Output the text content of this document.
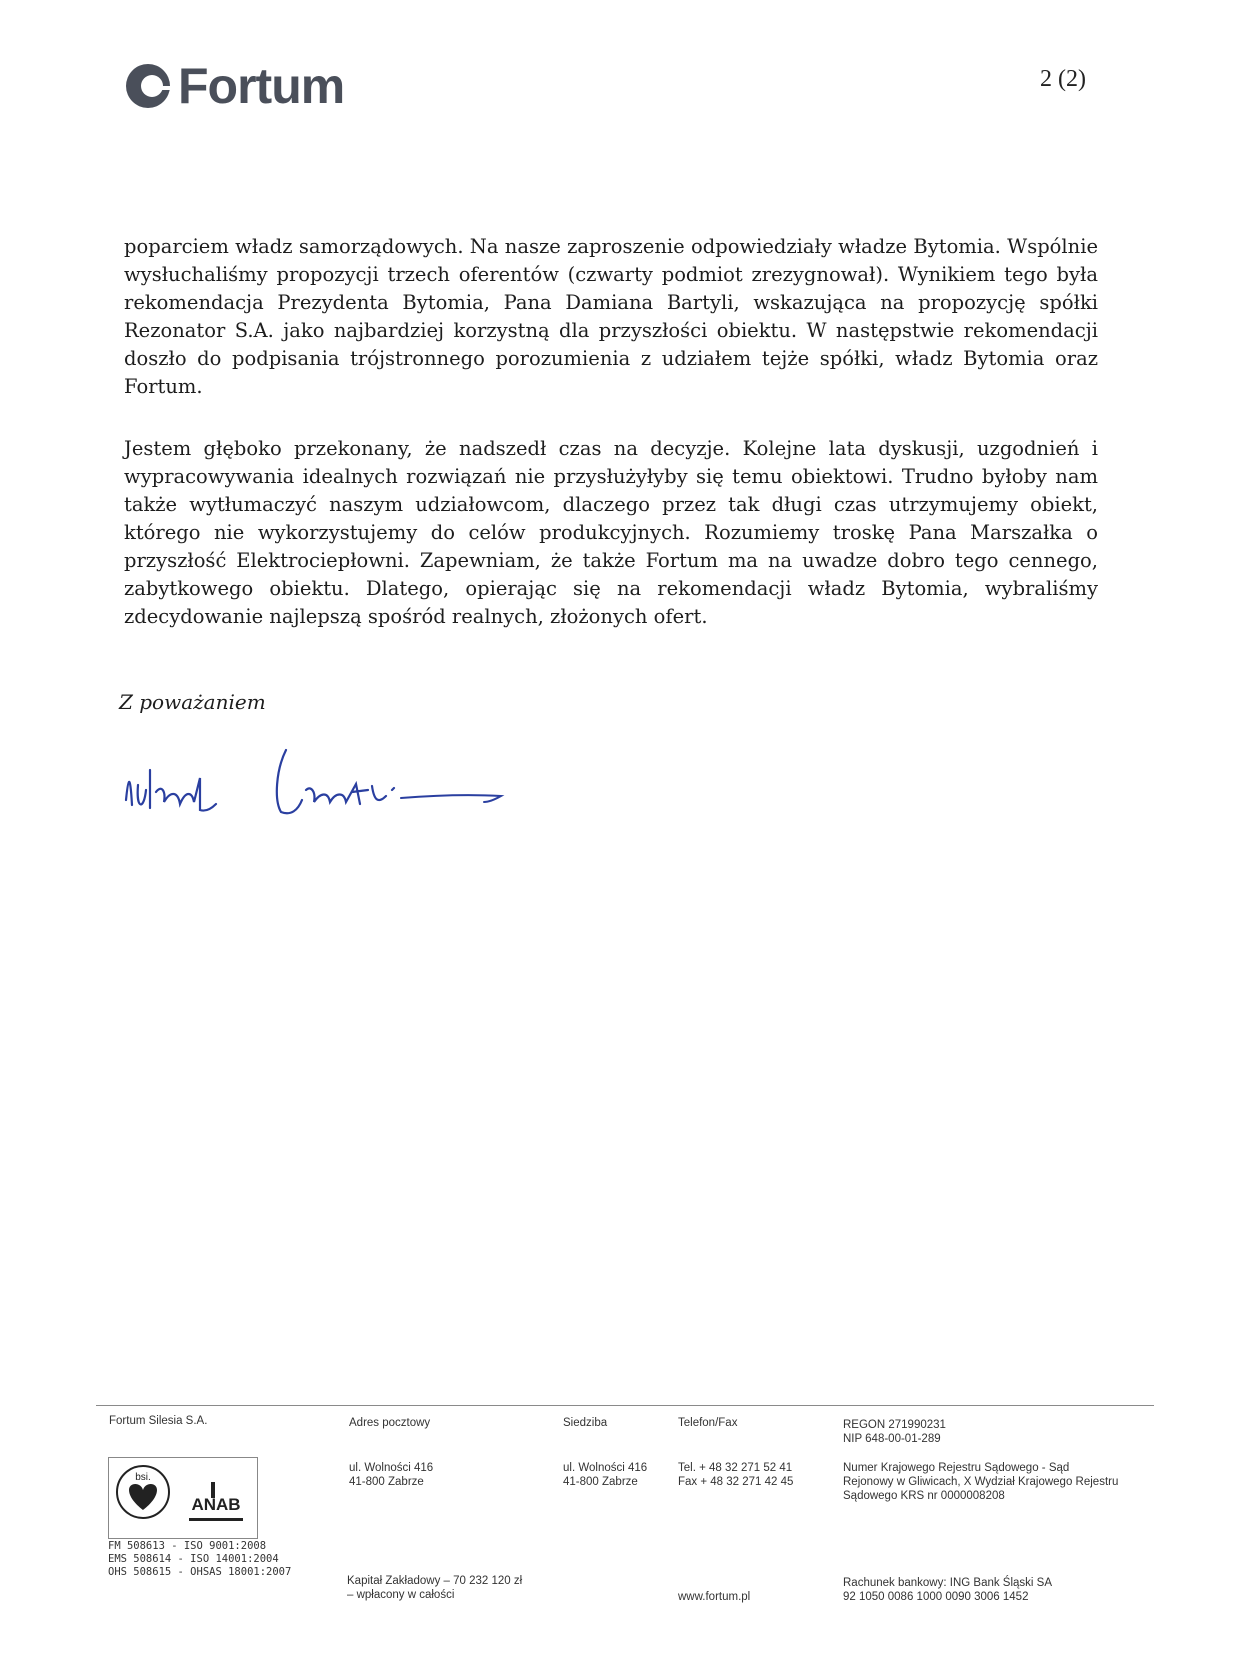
Fortum	2 (2)

poparciem władz samorządowych. Na nasze zaproszenie odpowiedziały władze Bytomia. Wspólnie wysłuchaliśmy propozycji trzech oferentów (czwarty podmiot zrezygnował). Wynikiem tego była rekomendacja Prezydenta Bytomia, Pana Damiana Bartyli, wskazująca na propozycję spółki Rezonator S.A. jako najbardziej korzystną dla przyszłości obiektu. W następstwie rekomendacji doszło do podpisania trójstronnego porozumienia z udziałem tejże spółki, władz Bytomia oraz Fortum.

Jestem głęboko przekonany, że nadszedł czas na decyzje. Kolejne lata dyskusji, uzgodnień i wypracowywania idealnych rozwiązań nie przysłużyłyby się temu obiektowi. Trudno byłoby nam także wytłumaczyć naszym udziałowcom, dlaczego przez tak długi czas utrzymujemy obiekt, którego nie wykorzystujemy do celów produkcyjnych. Rozumiemy troskę Pana Marszałka o przyszłość Elektrociepłowni. Zapewniam, że także Fortum ma na uwadze dobro tego cennego, zabytkowego obiektu. Dlatego, opierając się na rekomendacji władz Bytomia, wybraliśmy zdecydowanie najlepszą spośród realnych, złożonych ofert.

Z poważaniem
Fortum Silesia S.A.	Adres pocztowy
ul. Wolności 416
41-800 Zabrze
Siedziba
ul. Wolności 416
41-800 Zabrze
Telefon/Fax
Tel. + 48 32 271 52 41
Fax + 48 32 271 42 45
REGON 271990231
NIP 648-00-01-289
Numer Krajowego Rejestru Sądowego - Sąd
Rejonowy w Gliwicach, X Wydział Krajowego Rejestru
Sądowego KRS nr 0000008208
Kapitał Zakładowy – 70 232 120 zł
– wpłacony w całości	www.fortum.pl
Rachunek bankowy: ING Bank Śląski SA
92 1050 0086 1000 0090 3006 1452
bsi.
ANAB
FM 508613 - ISO 9001:2008
EMS 508614 - ISO 14001:2004
OHS 508615 - OHSAS 18001:2007
